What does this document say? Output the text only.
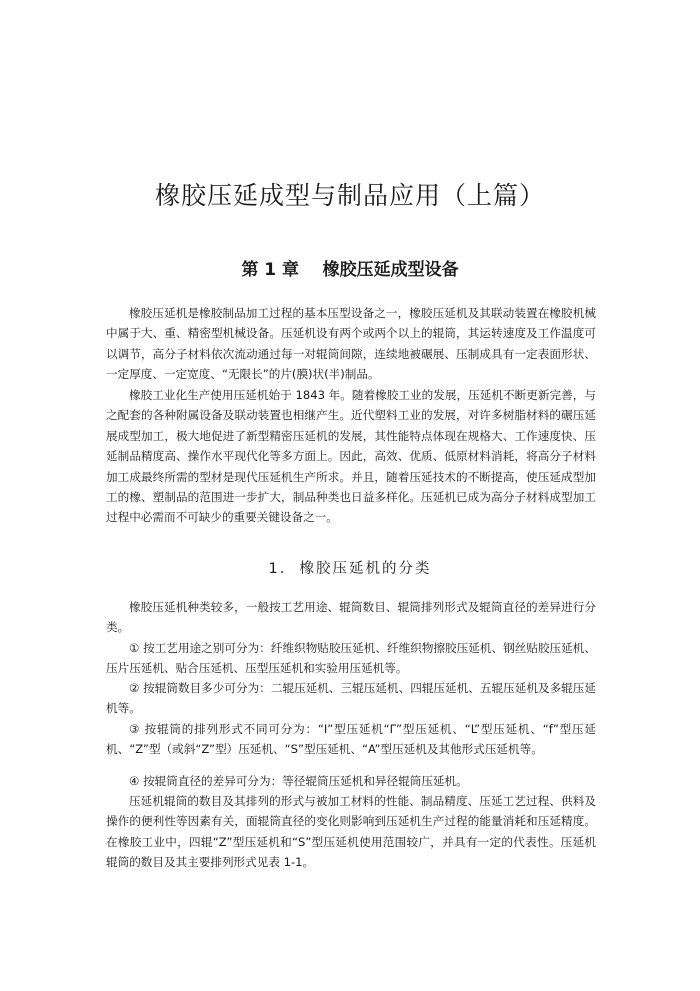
橡胶压延成型与制品应用（上篇）
第 1 章    橡胶压延成型设备

橡胶压延机是橡胶制品加工过程的基本压型设备之一，橡胶压延机及其联动装置在橡胶机械中属于大、重、精密型机械设备。压延机设有两个或两个以上的辊筒，其运转速度及工作温度可以调节，高分子材料依次流动通过每一对辊筒间隙，连续地被碾展、压制成具有一定表面形状、一定厚度、一定宽度、“无限长”的片(膜)状(半)制品。

橡胶工业化生产使用压延机始于 1843 年。随着橡胶工业的发展，压延机不断更新完善，与之配套的各种附属设备及联动装置也相继产生。近代塑料工业的发展，对许多树脂材料的碾压延展成型加工，极大地促进了新型精密压延机的发展，其性能特点体现在规格大、工作速度快、压延制品精度高、操作水平现代化等多方面上。因此，高效、优质、低原材料消耗，将高分子材料加工成最终所需的型材是现代压延机生产所求。并且，随着压延技术的不断提高，使压延成型加工的橡、塑制品的范围进一步扩大，制品种类也日益多样化。压延机已成为高分子材料成型加工过程中必需而不可缺少的重要关键设备之一。

1.  橡胶压延机的分类

橡胶压延机种类较多，一般按工艺用途、辊筒数目、辊筒排列形式及辊筒直径的差异进行分类。

① 按工艺用途之别可分为：纤维织物贴胶压延机、纤维织物擦胶压延机、钢丝贴胶压延机、压片压延机、贴合压延机、压型压延机和实验用压延机等。

② 按辊筒数目多少可分为：二辊压延机、三辊压延机、四辊压延机、五辊压延机及多辊压延机等。

③ 按辊筒的排列形式不同可分为：“I”型压延机“Γ”型压延机、“L”型压延机、“f”型压延机、“Z”型（或斜“Z”型）压延机、“S”型压延机、“A”型压延机及其他形式压延机等。

④ 按辊筒直径的差异可分为：等径辊筒压延机和异径辊筒压延机。

压延机辊筒的数目及其排列的形式与被加工材料的性能、制品精度、压延工艺过程、供料及操作的便利性等因素有关，面辊筒直径的变化则影响到压延机生产过程的能量消耗和压延精度。在橡胶工业中，四辊“Z”型压延机和“S”型压延机使用范围较广，并具有一定的代表性。压延机辊筒的数目及其主要排列形式见表 1-1。
